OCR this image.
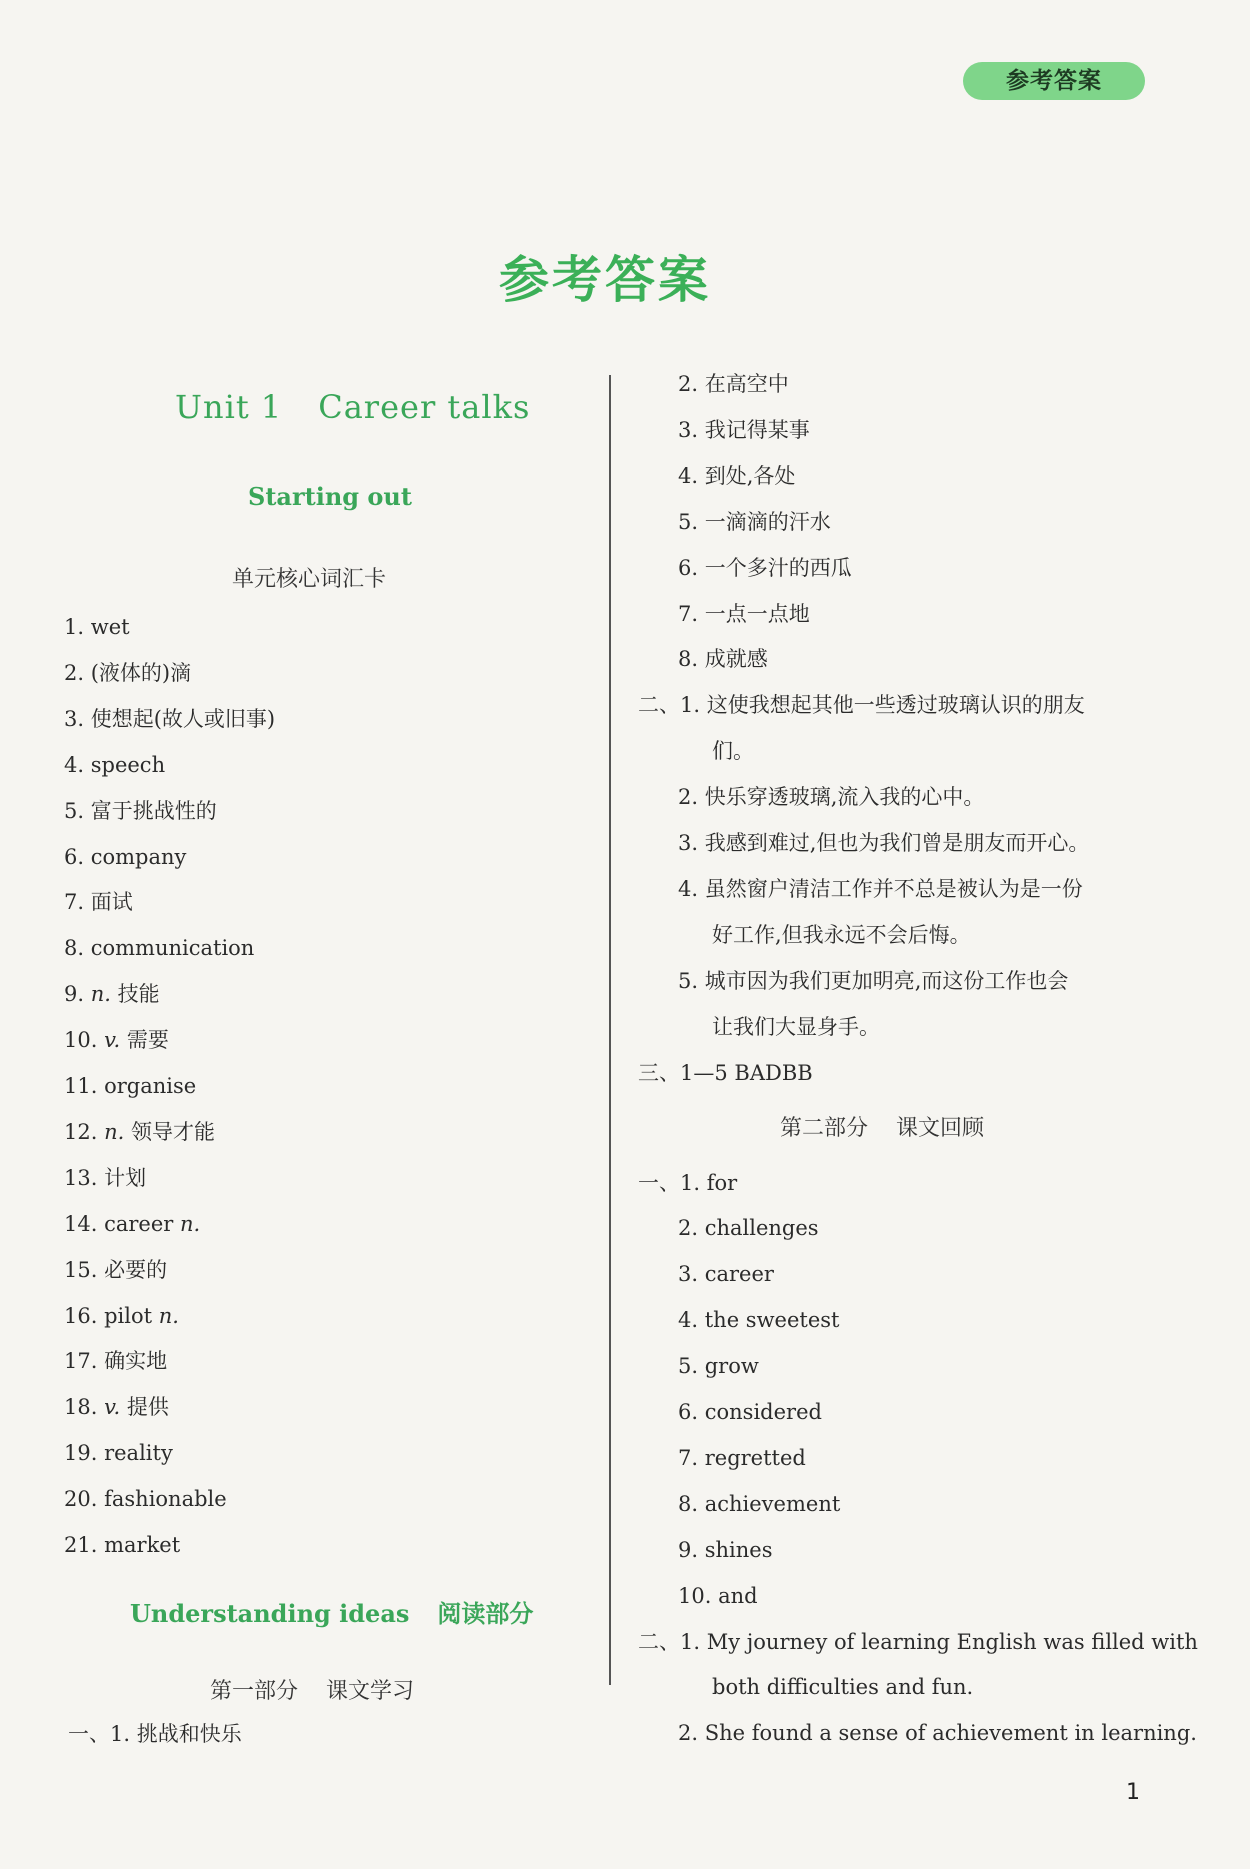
参考答案
参考答案
Unit 1 Career talks
Starting out
单元核心词汇卡
1. wet
2. (液体的)滴
3. 使想起(故人或旧事)
4. speech
5. 富于挑战性的
6. company
7. 面试
8. communication
9. n. 技能
10. v. 需要
11. organise
12. n. 领导才能
13. 计划
14. career n.
15. 必要的
16. pilot n.
17. 确实地
18. v. 提供
19. reality
20. fashionable
21. market
Understanding ideas 阅读部分
第一部分 课文学习
一、1. 挑战和快乐
2. 在高空中
3. 我记得某事
4. 到处,各处
5. 一滴滴的汗水
6. 一个多汁的西瓜
7. 一点一点地
8. 成就感
二、1. 这使我想起其他一些透过玻璃认识的朋友
们。
2. 快乐穿透玻璃,流入我的心中。
3. 我感到难过,但也为我们曾是朋友而开心。
4. 虽然窗户清洁工作并不总是被认为是一份
好工作,但我永远不会后悔。
5. 城市因为我们更加明亮,而这份工作也会
让我们大显身手。
三、1—5 BADBB
第二部分 课文回顾
一、1. for
2. challenges
3. career
4. the sweetest
5. grow
6. considered
7. regretted
8. achievement
9. shines
10. and
二、1. My journey of learning English was filled with
both difficulties and fun.
2. She found a sense of achievement in learning.
1
